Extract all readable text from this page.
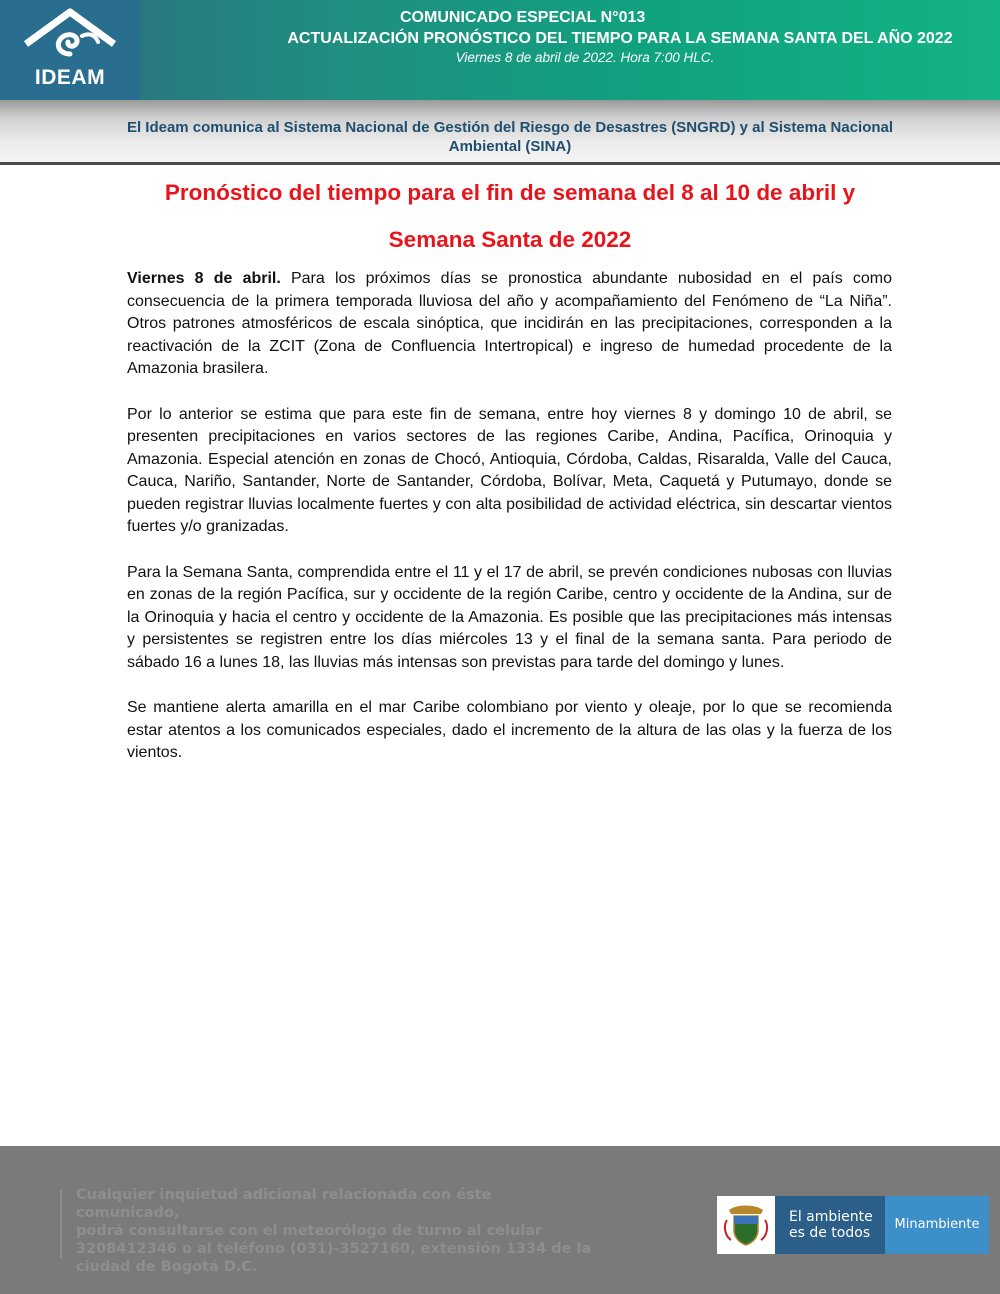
IDEAM
COMUNICADO ESPECIAL N°013
ACTUALIZACIÓN PRONÓSTICO DEL TIEMPO PARA LA SEMANA SANTA DEL AÑO 2022
Viernes 8 de abril de 2022. Hora 7:00 HLC.
El Ideam comunica al Sistema Nacional de Gestión del Riesgo de Desastres (SNGRD) y al Sistema Nacional
Ambiental (SINA)
Pronóstico del tiempo para el fin de semana del 8 al 10 de abril y
Semana Santa de 2022

Viernes 8 de abril. Para los próximos días se pronostica abundante nubosidad en el país como consecuencia de la primera temporada lluviosa del año y acompañamiento del Fenómeno de “La Niña”. Otros patrones atmosféricos de escala sinóptica, que incidirán en las precipitaciones, corresponden a la reactivación de la ZCIT (Zona de Confluencia Intertropical) e ingreso de humedad procedente de la Amazonia brasilera.

Por lo anterior se estima que para este fin de semana, entre hoy viernes 8 y domingo 10 de abril, se presenten precipitaciones en varios sectores de las regiones Caribe, Andina, Pacífica, Orinoquia y Amazonia. Especial atención en zonas de Chocó, Antioquia, Córdoba, Caldas, Risaralda, Valle del Cauca, Cauca, Nariño, Santander, Norte de Santander, Córdoba, Bolívar, Meta, Caquetá y Putumayo, donde se pueden registrar lluvias localmente fuertes y con alta posibilidad de actividad eléctrica, sin descartar vientos fuertes y/o granizadas.

Para la Semana Santa, comprendida entre el 11 y el 17 de abril, se prevén condiciones nubosas con lluvias en zonas de la región Pacífica, sur y occidente de la región Caribe, centro y occidente de la Andina, sur de la Orinoquia y hacia el centro y occidente de la Amazonia. Es posible que las precipitaciones más intensas y persistentes se registren entre los días miércoles 13 y el final de la semana santa. Para periodo de sábado 16 a lunes 18, las lluvias más intensas son previstas para tarde del domingo y lunes.

Se mantiene alerta amarilla en el mar Caribe colombiano por viento y oleaje, por lo que se recomienda estar atentos a los comunicados especiales, dado el incremento de la altura de las olas y la fuerza de los vientos.

Cualquier inquietud adicional relacionada con éste comunicado,
podrá consultarse con el meteorólogo de turno al celular
3208412346 o al teléfono (031)-3527160, extensión 1334 de la
ciudad de Bogotá D.C.
El ambiente
es de todos
Minambiente
